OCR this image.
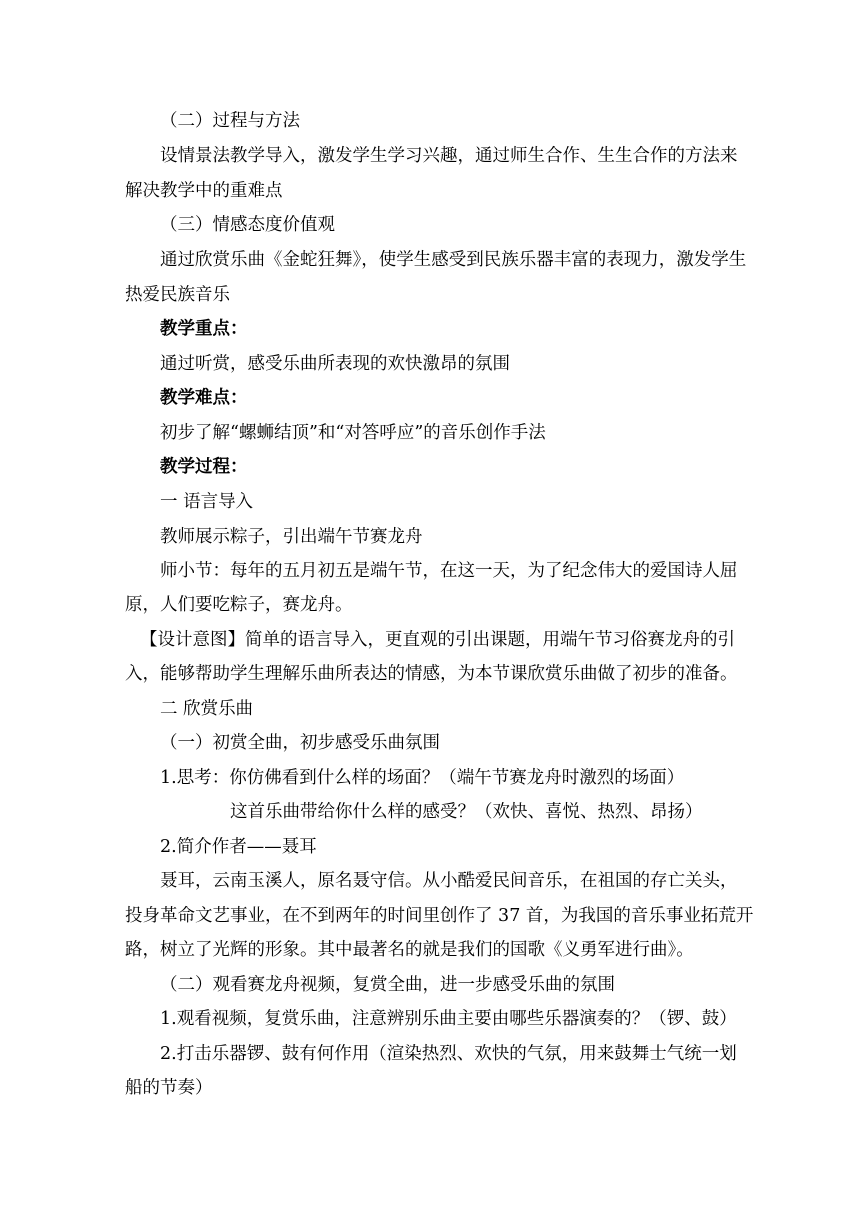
（二）过程与方法
设情景法教学导入，激发学生学习兴趣，通过师生合作、生生合作的方法来
解决教学中的重难点
（三）情感态度价值观
通过欣赏乐曲《金蛇狂舞》，使学生感受到民族乐器丰富的表现力，激发学生
热爱民族音乐
教学重点：
通过听赏，感受乐曲所表现的欢快激昂的氛围
教学难点：
初步了解“螺蛳结顶”和“对答呼应”的音乐创作手法
教学过程：
一 语言导入
教师展示粽子，引出端午节赛龙舟
师小节：每年的五月初五是端午节，在这一天，为了纪念伟大的爱国诗人屈
原，人们要吃粽子，赛龙舟。
【设计意图】简单的语言导入，更直观的引出课题，用端午节习俗赛龙舟的引
入，能够帮助学生理解乐曲所表达的情感，为本节课欣赏乐曲做了初步的准备。
二 欣赏乐曲
（一）初赏全曲，初步感受乐曲氛围
1.思考：你仿佛看到什么样的场面？（端午节赛龙舟时激烈的场面）
这首乐曲带给你什么样的感受？（欢快、喜悦、热烈、昂扬）
2.简介作者——聂耳
聂耳，云南玉溪人，原名聂守信。从小酷爱民间音乐，在祖国的存亡关头，
投身革命文艺事业，在不到两年的时间里创作了 37 首，为我国的音乐事业拓荒开
路，树立了光辉的形象。其中最著名的就是我们的国歌《义勇军进行曲》。
（二）观看赛龙舟视频，复赏全曲，进一步感受乐曲的氛围
1.观看视频，复赏乐曲，注意辨别乐曲主要由哪些乐器演奏的？（锣、鼓）
2.打击乐器锣、鼓有何作用（渲染热烈、欢快的气氛，用来鼓舞士气统一划
船的节奏）
